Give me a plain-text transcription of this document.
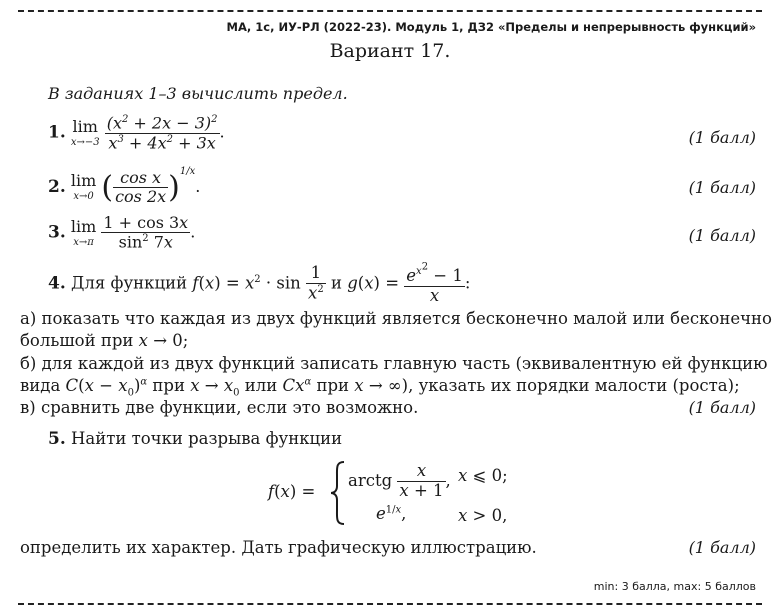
МА, 1с, ИУ-РЛ (2022-23). Модуль 1, ДЗ2 «Пределы и непрерывность функций»
Вариант 17.
В заданиях 1–3 вычислить предел.
1. lim
x→−3
$\frac{(x^2 + 2x - 3)^2}{x^3 + 4x^2 + 3x}$ .	(1 балл)
2. lim
x→0 ( $\frac{\text{cos x}}{\cos 2x} )^{1/x}$.	(1 балл)
3. lim
x→π
$\frac{1 + \cos 3x}{\sin^2 7x}$ .	(1 балл)
4. Для функций $f(x) = x^2 \cdot \sin \frac{1}{x^2}$ и $g(x) = \frac{e^{x^2} - 1}{x}$ :
а) показать что каждая из двух функций является бесконечно малой или бесконечно
большой при x → 0;
б) для каждой из двух функций записать главную часть (эквивалентную ей функцию
вида $C(x - x_0)^\alpha$ при $x \to x_0$ или $Cx^\alpha$ при x → ∞), указать их порядки малости (роста);
в) сравнить две функции, если это возможно.	(1 балл)
5. Найти точки разрыва функции
f(x) =
arctg $\frac{x}{x + 1}$ , x ⩽ 0;
$e^{1/x}$,	x > 0,
определить их характер. Дать графическую иллюстрацию.	(1 балл)
min: 3 балла, max: 5 баллов
